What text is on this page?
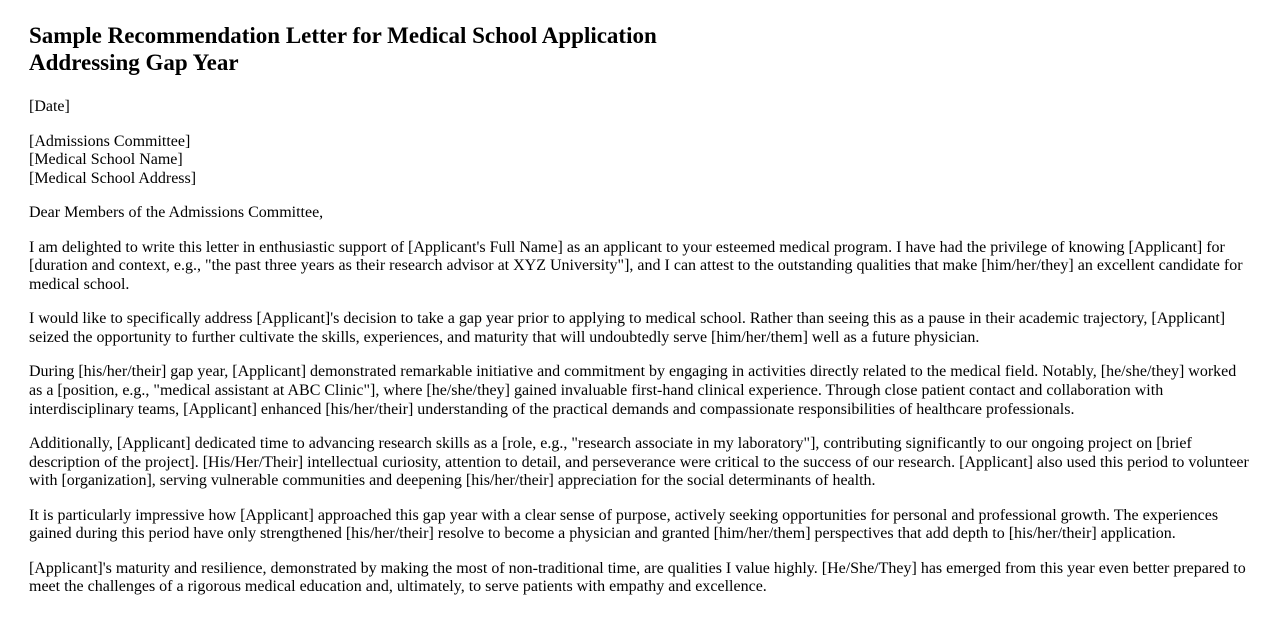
Sample Recommendation Letter for Medical School Application
Addressing Gap Year

[Date]

[Admissions Committee]
[Medical School Name]
[Medical School Address]

Dear Members of the Admissions Committee,

I am delighted to write this letter in enthusiastic support of [Applicant's Full Name] as an applicant to your esteemed medical program. I have had the privilege of knowing [Applicant] for [duration and context, e.g., "the past three years as their research advisor at XYZ University"], and I can attest to the outstanding qualities that make [him/her/they] an excellent candidate for medical school.

I would like to specifically address [Applicant]'s decision to take a gap year prior to applying to medical school. Rather than seeing this as a pause in their academic trajectory, [Applicant] seized the opportunity to further cultivate the skills, experiences, and maturity that will undoubtedly serve [him/her/them] well as a future physician.

During [his/her/their] gap year, [Applicant] demonstrated remarkable initiative and commitment by engaging in activities directly related to the medical field. Notably, [he/she/they] worked as a [position, e.g., "medical assistant at ABC Clinic"], where [he/she/they] gained invaluable first-hand clinical experience. Through close patient contact and collaboration with interdisciplinary teams, [Applicant] enhanced [his/her/their] understanding of the practical demands and compassionate responsibilities of healthcare professionals.

Additionally, [Applicant] dedicated time to advancing research skills as a [role, e.g., "research associate in my laboratory"], contributing significantly to our ongoing project on [brief description of the project]. [His/Her/Their] intellectual curiosity, attention to detail, and perseverance were critical to the success of our research. [Applicant] also used this period to volunteer with [organization], serving vulnerable communities and deepening [his/her/their] appreciation for the social determinants of health.

It is particularly impressive how [Applicant] approached this gap year with a clear sense of purpose, actively seeking opportunities for personal and professional growth. The experiences gained during this period have only strengthened [his/her/their] resolve to become a physician and granted [him/her/them] perspectives that add depth to [his/her/their] application.

[Applicant]'s maturity and resilience, demonstrated by making the most of non-traditional time, are qualities I value highly. [He/She/They] has emerged from this year even better prepared to meet the challenges of a rigorous medical education and, ultimately, to serve patients with empathy and excellence.
